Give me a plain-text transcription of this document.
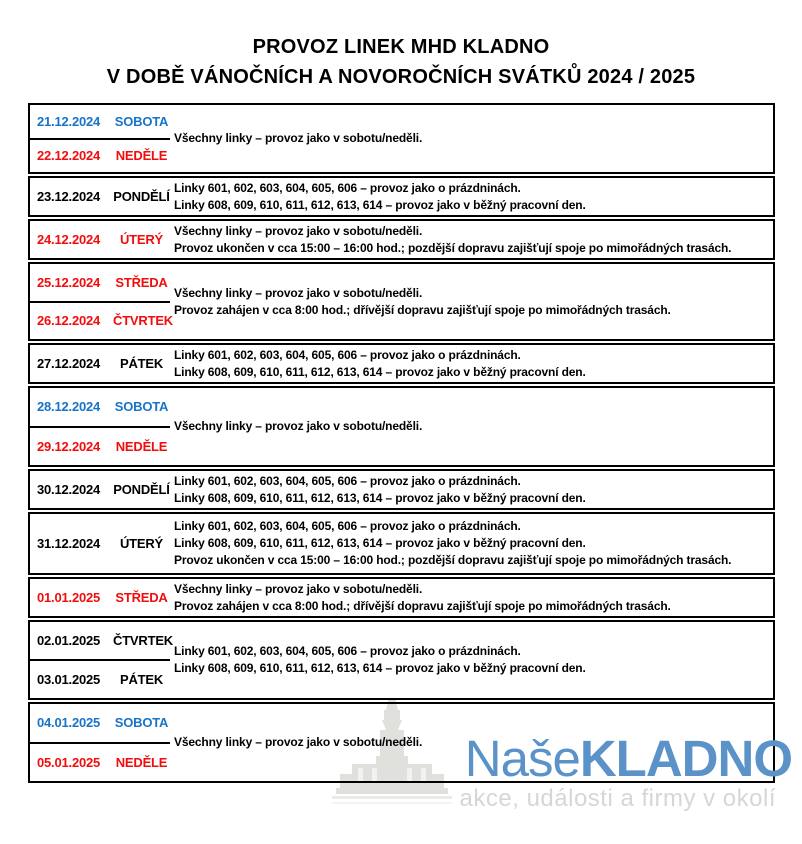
PROVOZ LINEK MHD KLADNO
V DOBĚ VÁNOČNÍCH A NOVOROČNÍCH SVÁTKŮ 2024 / 2025
21.12.2024	SOBOTA
22.12.2024	NEDĚLE
Všechny linky – provoz jako v sobotu/neděli.
23.12.2024	PONDĚLÍ
Linky 601, 602, 603, 604, 605, 606 – provoz jako o prázdninách.
Linky 608, 609, 610, 611, 612, 613, 614 – provoz jako v běžný pracovní den.
24.12.2024	ÚTERÝ
Všechny linky – provoz jako v sobotu/neděli.
Provoz ukončen v cca 15:00 – 16:00 hod.; pozdější dopravu zajišťují spoje po mimořádných trasách.
25.12.2024	STŘEDA
26.12.2024 ČTVRTEK
Všechny linky – provoz jako v sobotu/neděli.
Provoz zahájen v cca 8:00 hod.; dřívější dopravu zajišťují spoje po mimořádných trasách.
27.12.2024	PÁTEK
Linky 601, 602, 603, 604, 605, 606 – provoz jako o prázdninách.
Linky 608, 609, 610, 611, 612, 613, 614 – provoz jako v běžný pracovní den.
28.12.2024	SOBOTA
29.12.2024	NEDĚLE
Všechny linky – provoz jako v sobotu/neděli.
30.12.2024	PONDĚLÍ
Linky 601, 602, 603, 604, 605, 606 – provoz jako o prázdninách.
Linky 608, 609, 610, 611, 612, 613, 614 – provoz jako v běžný pracovní den.
31.12.2024	ÚTERÝ
Linky 601, 602, 603, 604, 605, 606 – provoz jako o prázdninách.
Linky 608, 609, 610, 611, 612, 613, 614 – provoz jako v běžný pracovní den.
Provoz ukončen v cca 15:00 – 16:00 hod.; pozdější dopravu zajišťují spoje po mimořádných trasách.
01.01.2025	STŘEDA
Všechny linky – provoz jako v sobotu/neděli.
Provoz zahájen v cca 8:00 hod.; dřívější dopravu zajišťují spoje po mimořádných trasách.
02.01.2025 ČTVRTEK
03.01.2025	PÁTEK
Linky 601, 602, 603, 604, 605, 606 – provoz jako o prázdninách.
Linky 608, 609, 610, 611, 612, 613, 614 – provoz jako v běžný pracovní den.
04.01.2025	SOBOTA
05.01.2025	NEDĚLE
Všechny linky – provoz jako v sobotu/neděli. NašeKLADNO
akce, události a firmy v okolí
